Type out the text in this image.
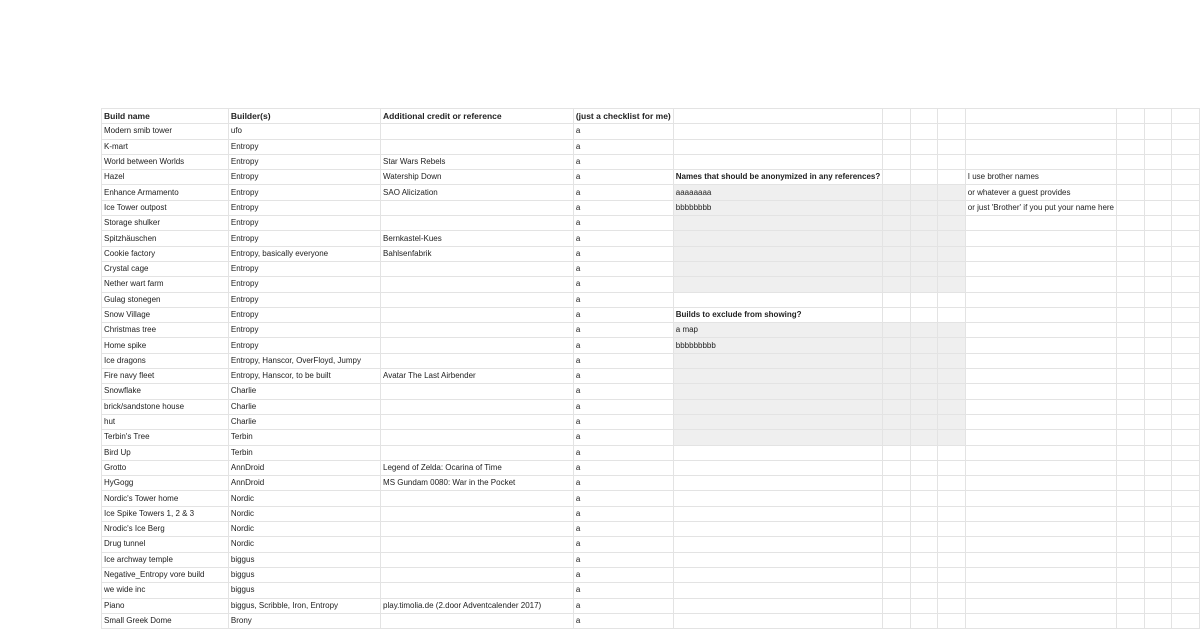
Build name	Builder(s)	Additional credit or reference	(just a checklist for me)								
Modern smib tower	ufo		a								
K-mart	Entropy		a								
World between Worlds	Entropy	Star Wars Rebels	a								
Hazel	Entropy	Watership Down	a	Names that should be anonymized in any references?				I use brother names			
Enhance Armamento	Entropy	SAO Alicization	a	aaaaaaaa				or whatever a guest provides			
Ice Tower outpost	Entropy		a	bbbbbbbb				or just 'Brother' if you put your name here			
Storage shulker	Entropy		a								
Spitzhäuschen	Entropy	Bernkastel-Kues	a								
Cookie factory	Entropy, basically everyone	Bahlsenfabrik	a								
Crystal cage	Entropy		a								
Nether wart farm	Entropy		a								
Gulag stonegen	Entropy		a								
Snow Village	Entropy		a	Builds to exclude from showing?							
Christmas tree	Entropy		a	a map							
Home spike	Entropy		a	bbbbbbbbb							
Ice dragons	Entropy, Hanscor, OverFloyd, Jumpy		a								
Fire navy fleet	Entropy, Hanscor, to be built	Avatar The Last Airbender	a								
Snowflake	Charlie		a								
brick/sandstone house	Charlie		a								
hut	Charlie		a								
Terbin's Tree	Terbin		a								
Bird Up	Terbin		a								
Grotto	AnnDroid	Legend of Zelda: Ocarina of Time	a								
HyGogg	AnnDroid	MS Gundam 0080: War in the Pocket	a								
Nordic's Tower home	Nordic		a								
Ice Spike Towers 1, 2 & 3	Nordic		a								
Nrodic's Ice Berg	Nordic		a								
Drug tunnel	Nordic		a								
Ice archway temple	biggus		a								
Negative_Entropy vore build	biggus		a								
we wide inc	biggus		a								
Piano	biggus, Scribble, Iron, Entropy	play.timolia.de (2.door Adventcalender 2017)	a								
Small Greek Dome	Brony		a								
